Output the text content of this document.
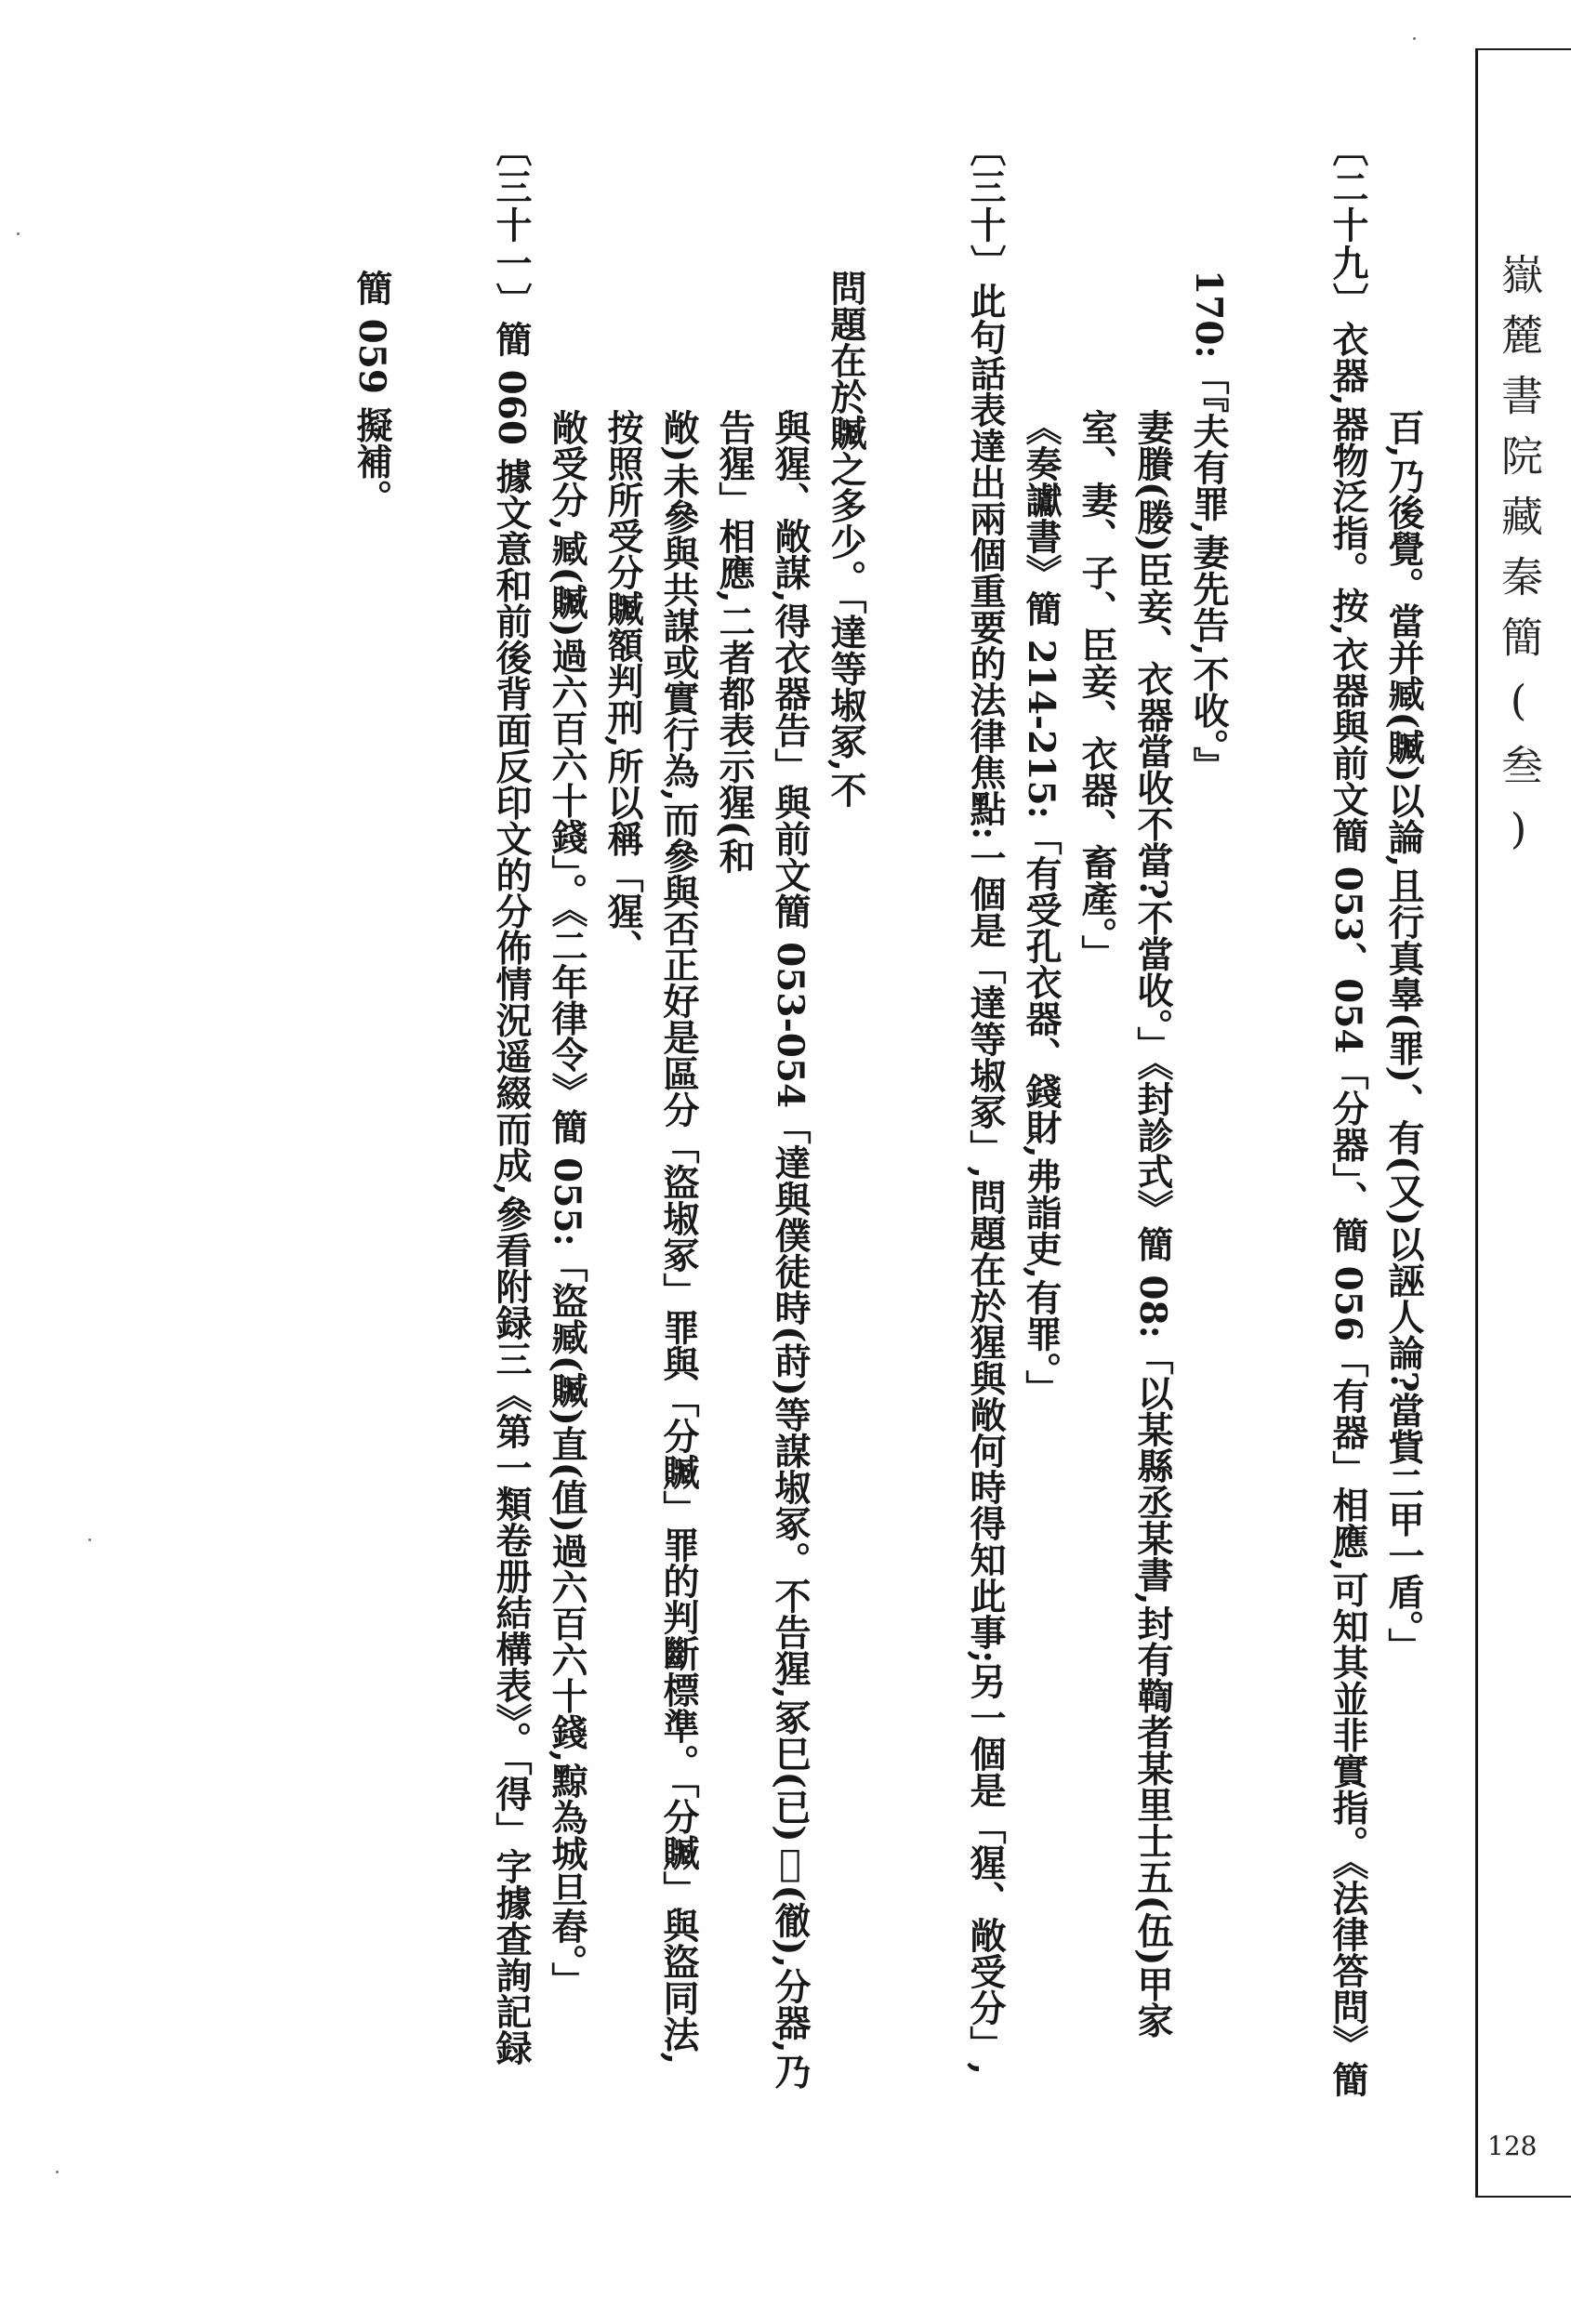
嶽麓書院藏秦簡(叁)
128
百,乃後覺。當并臧(贓)以論,且行真辠(罪)、有(又)以誣人論?當貲二甲一盾。」
〔二十九〕衣器,器物泛指。按,衣器與前文簡 053、054「分器」、簡 056「有器」相應,可知其並非實指。《法律答問》簡 170:「『夫有罪,妻先告,不收。』
妻賸(媵)臣妾、衣器當收不當?不當收。」《封診式》簡 08:「以某縣丞某書,封有鞫者某里士五(伍)甲家室、妻、子、臣妾、衣器、畜產。」
《奏讞書》簡 214-215:「有受孔衣器、錢財,弗詣吏,有罪。」
〔三十〕此句話表達出兩個重要的法律焦點:一個是「達等埱冢」,問題在於猩與敞何時得知此事;另一個是「猩、敞受分」,問題在於贓之多少。「達等埱冢,不
與猩、敞謀,得衣器告」與前文簡 053-054「達與僕徒時(莳)等謀埱冢。不告猩,冢巳(已)𡚣(徹),分器,乃告猩」相應,二者都表示猩(和
敞)未參與共謀或實行為,而參與否正好是區分「盜埱冢」罪與「分贓」罪的判斷標準。「分贓」與盜同法,按照所受分贓額判刑,所以稱「猩、
敞受分,臧(贓)過六百六十錢」。《二年律令》簡 055:「盜臧(贓)直(值)過六百六十錢,黥為城旦舂。」
〔三十一〕簡 060 據文意和前後背面反印文的分佈情況遥綴而成,參看附録三《第一類卷册結構表》。「得」字據查詢記録簡 059 擬補。
